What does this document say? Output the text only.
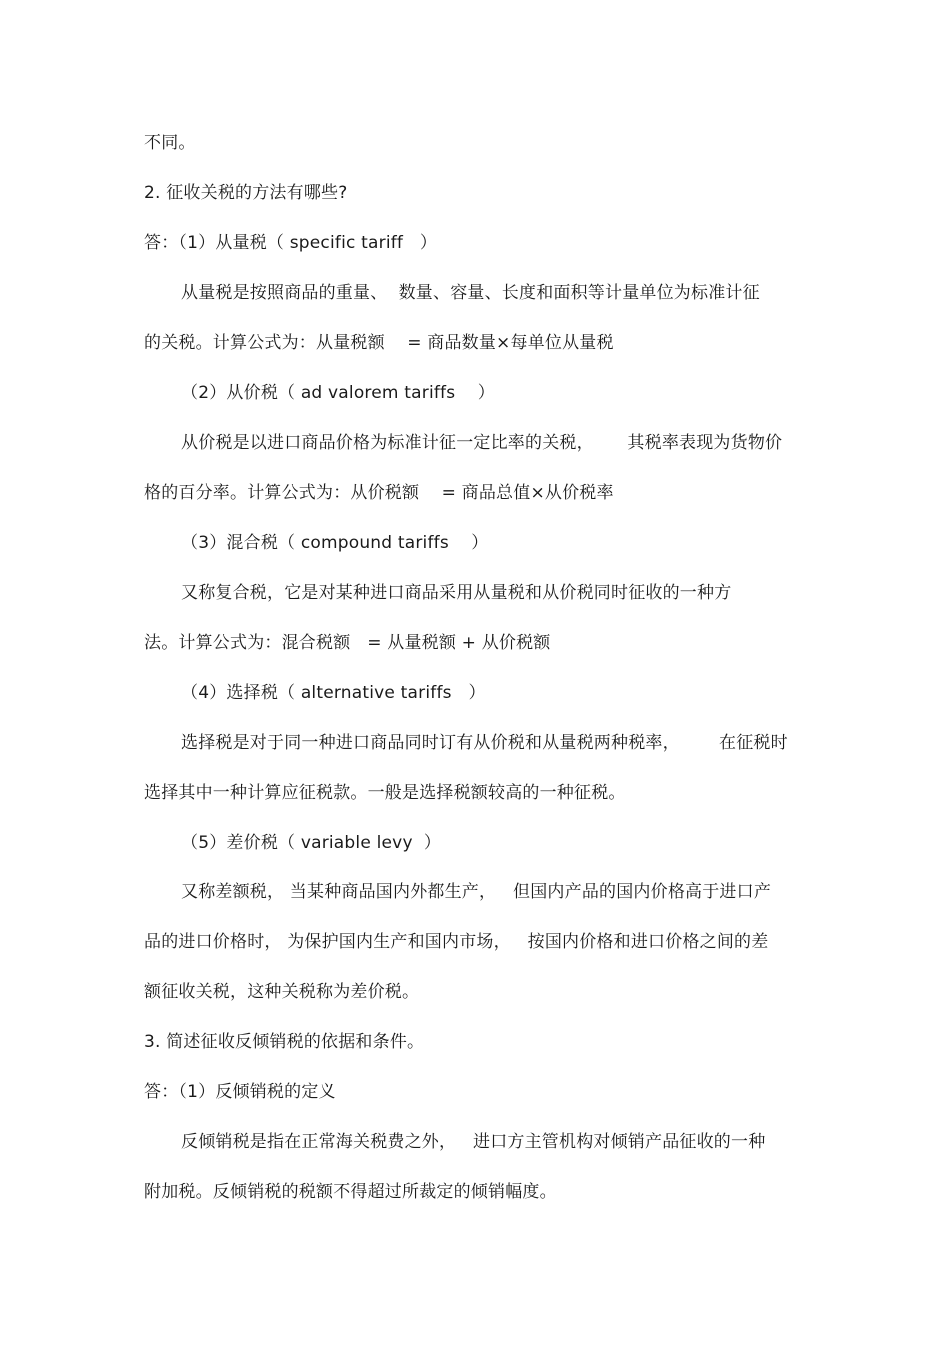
不同。
2. 征收关税的方法有哪些?
答：（1）从量税（ specific tariff   ）
从量税是按照商品的重量、  数量、容量、长度和面积等计量单位为标准计征
的关税。计算公式为：从量税额    = 商品数量×每单位从量税
（2）从价税（ ad valorem tariffs    ）
从价税是以进口商品价格为标准计征一定比率的关税，      其税率表现为货物价
格的百分率。计算公式为：从价税额    = 商品总值×从价税率
（3）混合税（ compound tariffs    ）
又称复合税，它是对某种进口商品采用从量税和从价税同时征收的一种方
法。计算公式为：混合税额   = 从量税额 + 从价税额
（4）选择税（ alternative tariffs   ）
选择税是对于同一种进口商品同时订有从价税和从量税两种税率，       在征税时
选择其中一种计算应征税款。一般是选择税额较高的一种征税。
（5）差价税（ variable levy  ）
又称差额税， 当某种商品国内外都生产，   但国内产品的国内价格高于进口产
品的进口价格时， 为保护国内生产和国内市场，   按国内价格和进口价格之间的差
额征收关税，这种关税称为差价税。
3. 简述征收反倾销税的依据和条件。
答：（1）反倾销税的定义
反倾销税是指在正常海关税费之外，   进口方主管机构对倾销产品征收的一种
附加税。反倾销税的税额不得超过所裁定的倾销幅度。
